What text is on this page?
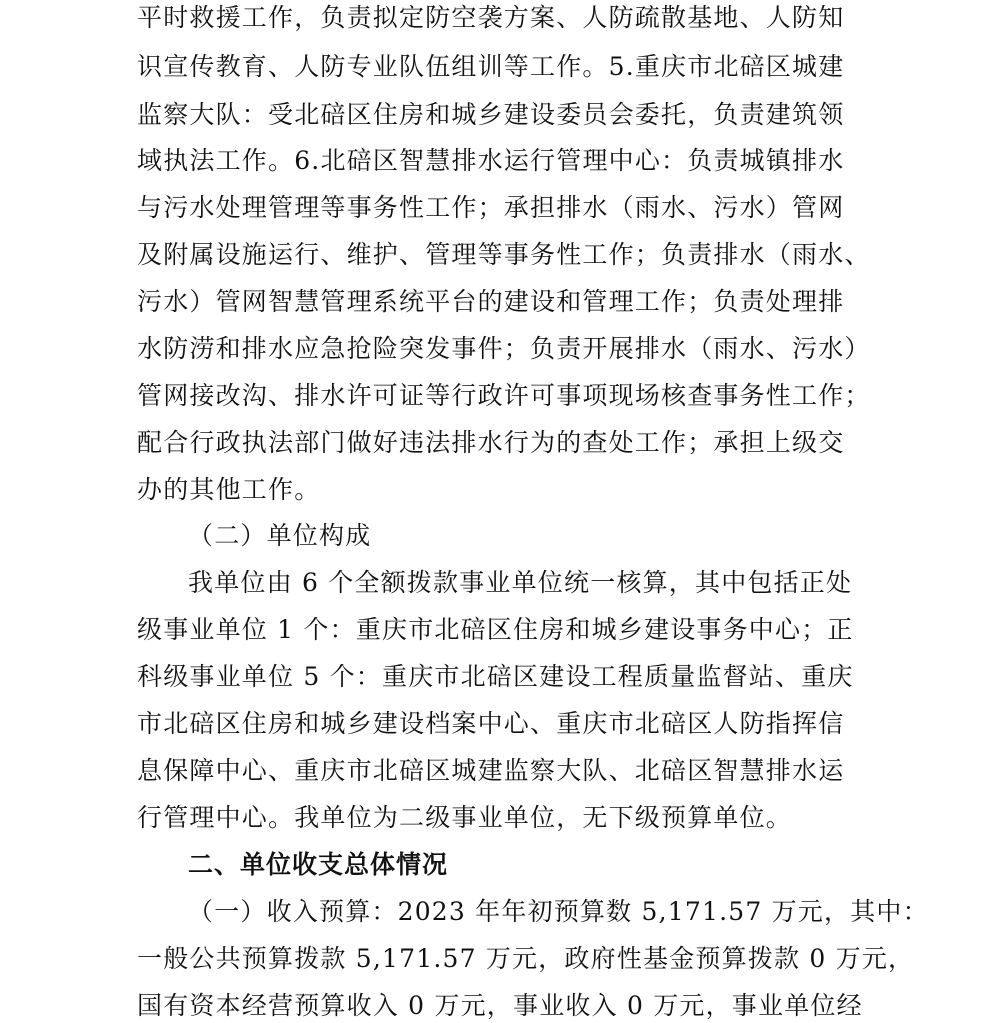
平时救援工作，负责拟定防空袭方案、人防疏散基地、人防知
识宣传教育、人防专业队伍组训等工作。5.重庆市北碚区城建
监察大队：受北碚区住房和城乡建设委员会委托，负责建筑领
域执法工作。6.北碚区智慧排水运行管理中心：负责城镇排水
与污水处理管理等事务性工作；承担排水（雨水、污水）管网
及附属设施运行、维护、管理等事务性工作；负责排水（雨水、
污水）管网智慧管理系统平台的建设和管理工作；负责处理排
水防涝和排水应急抢险突发事件；负责开展排水（雨水、污水）
管网接改沟、排水许可证等行政许可事项现场核查事务性工作；
配合行政执法部门做好违法排水行为的查处工作；承担上级交
办的其他工作。
（二）单位构成
我单位由 6 个全额拨款事业单位统一核算，其中包括正处
级事业单位 1 个：重庆市北碚区住房和城乡建设事务中心；正
科级事业单位 5 个：重庆市北碚区建设工程质量监督站、重庆
市北碚区住房和城乡建设档案中心、重庆市北碚区人防指挥信
息保障中心、重庆市北碚区城建监察大队、北碚区智慧排水运
行管理中心。我单位为二级事业单位，无下级预算单位。
二、单位收支总体情况
（一）收入预算：2023 年年初预算数 5,171.57 万元，其中：
一般公共预算拨款 5,171.57 万元，政府性基金预算拨款 0 万元，
国有资本经营预算收入 0 万元，事业收入 0 万元，事业单位经
